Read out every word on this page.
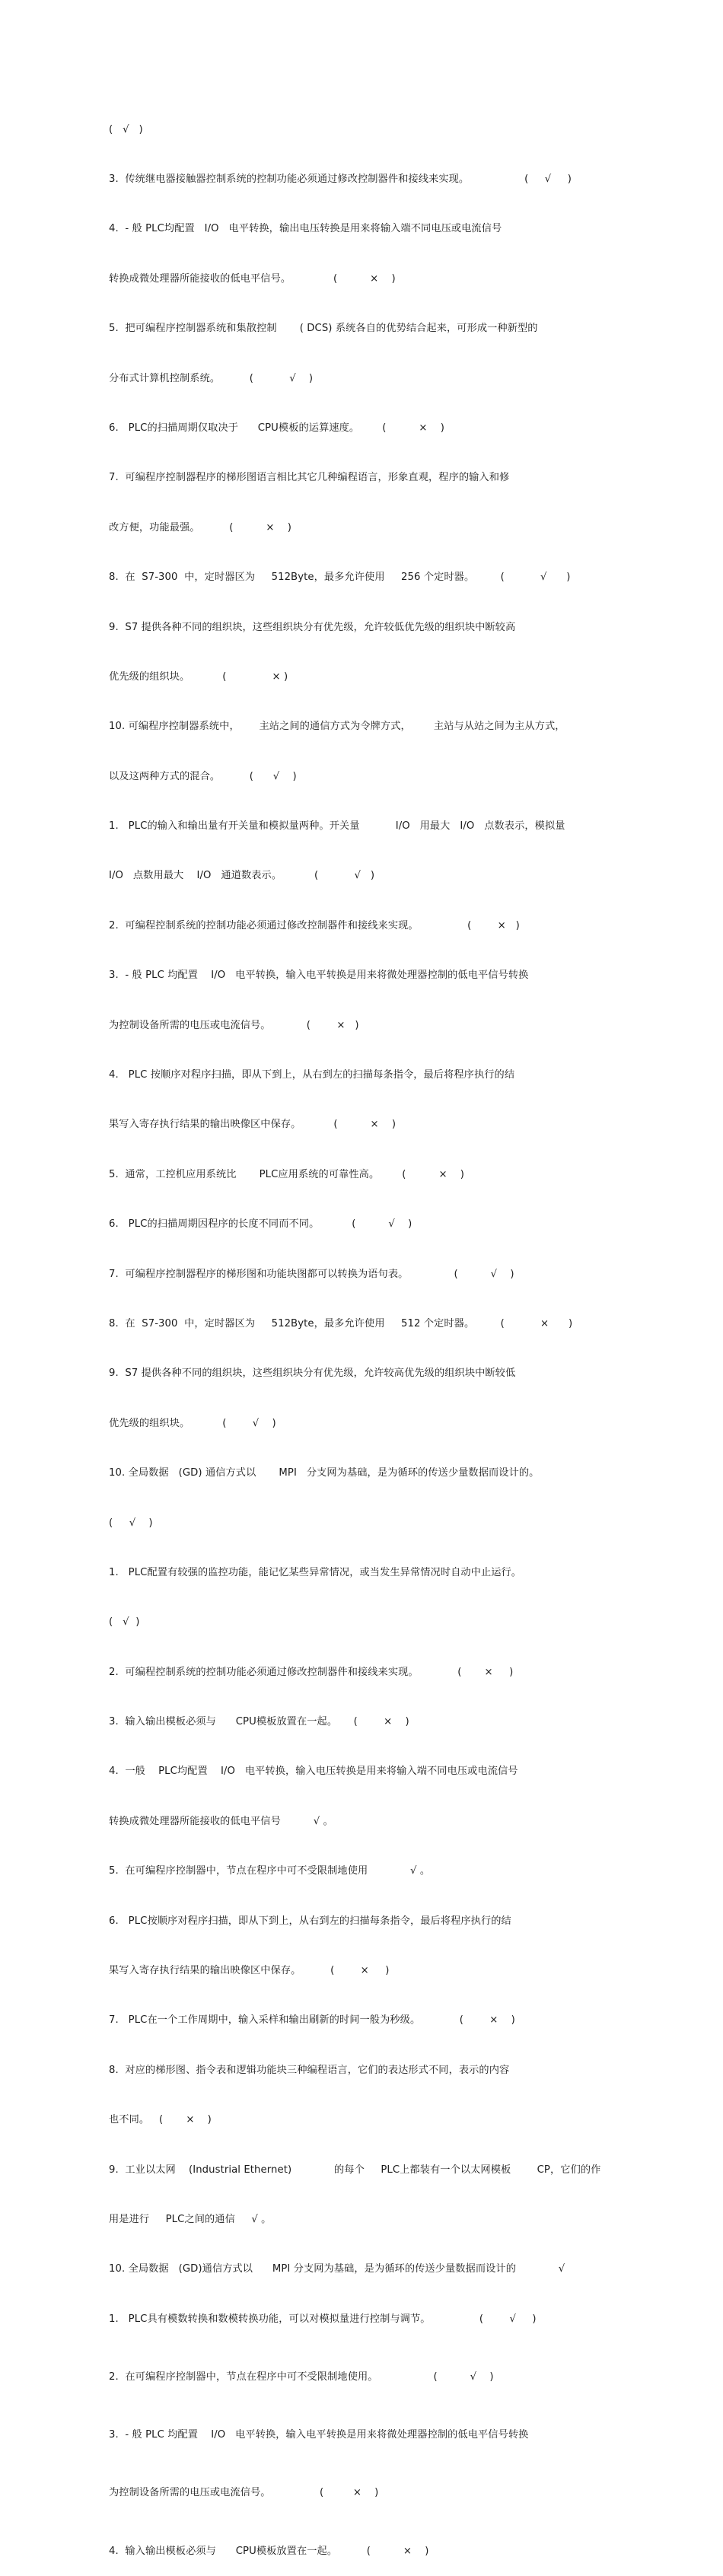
(   √   )

3.  传统继电器接触器控制系统的控制功能必须通过修改控制器件和接线来实现。                 (     √     )

4.  - 般 PLC均配置   I/O   电平转换，输出电压转换是用来将输入端不同电压或电流信号

转换成微处理器所能接收的低电平信号。             (          ×    )

5.  把可编程序控制器系统和集散控制       ( DCS) 系统各自的优势结合起来，可形成一种新型的

分布式计算机控制系统。         (           √    )

6.   PLC的扫描周期仅取决于      CPU模板的运算速度。       (          ×    )

7.  可编程序控制器程序的梯形图语言相比其它几种编程语言，形象直观，程序的输入和修

改方便，功能最强。         (          ×    )

8.  在  S7-300  中，定时器区为     512Byte，最多允许使用     256 个定时器。        (           √      )

9.  S7 提供各种不同的组织块，这些组织块分有优先级，允许较低优先级的组织块中断较高

优先级的组织块。          (              × )

10. 可编程序控制器系统中，      主站之间的通信方式为令牌方式，       主站与从站之间为主从方式，

以及这两种方式的混合。         (      √    )

1.   PLC的输入和输出量有开关量和模拟量两种。开关量           I/O   用最大   I/O   点数表示，模拟量

I/O   点数用最大    I/O   通道数表示。          (           √   )

2.  可编程控制系统的控制功能必须通过修改控制器件和接线来实现。               (        ×   )

3.  - 般 PLC 均配置    I/O   电平转换，输入电平转换是用来将微处理器控制的低电平信号转换

为控制设备所需的电压或电流信号。           (        ×   )

4.   PLC 按顺序对程序扫描，即从下到上，从右到左的扫描每条指令，最后将程序执行的结

果写入寄存执行结果的输出映像区中保存。          (          ×    )

5.  通常，工控机应用系统比       PLC应用系统的可靠性高。       (          ×    )

6.   PLC的扫描周期因程序的长度不同而不同。          (          √    )

7.  可编程序控制器程序的梯形图和功能块图都可以转换为语句表。              (          √    )

8.  在  S7-300  中，定时器区为     512Byte，最多允许使用     512 个定时器。        (           ×      )

9.  S7 提供各种不同的组织块，这些组织块分有优先级，允许较高优先级的组织块中断较低

优先级的组织块。          (        √    )

10. 全局数据   (GD) 通信方式以       MPI   分支网为基础，是为循环的传送少量数据而设计的。

(     √    )

1.   PLC配置有较强的监控功能，能记忆某些异常情况，或当发生异常情况时自动中止运行。

(   √  )

2.  可编程控制系统的控制功能必须通过修改控制器件和接线来实现。            (       ×     )

3.  输入输出模板必须与      CPU模板放置在一起。     (        ×    )

4.  一般    PLC均配置    I/O   电平转换，输入电压转换是用来将输入端不同电压或电流信号

转换成微处理器所能接收的低电平信号          √ 。

5.  在可编程序控制器中，节点在程序中可不受限制地使用             √ 。

6.   PLC按顺序对程序扫描，即从下到上，从右到左的扫描每条指令，最后将程序执行的结

果写入寄存执行结果的输出映像区中保存。         (        ×     )

7.   PLC在一个工作周期中，输入采样和输出刷新的时间一般为秒级。            (        ×    )

8.  对应的梯形图、指令表和逻辑功能块三种编程语言，它们的表达形式不同，表示的内容

也不同。   (       ×    )

9.  工业以太网    (Industrial Ethernet)             的每个     PLC上都装有一个以太网模板        CP，它们的作

用是进行     PLC之间的通信     √ 。

10. 全局数据   (GD)通信方式以      MPI 分支网为基础，是为循环的传送少量数据而设计的             √

1.   PLC具有模数转换和数模转换功能，可以对模拟量进行控制与调节。               (        √     )

2.  在可编程序控制器中，节点在程序中可不受限制地使用。                 (          √    )

3.  - 般 PLC 均配置    I/O   电平转换，输入电平转换是用来将微处理器控制的低电平信号转换

为控制设备所需的电压或电流信号。               (         ×    )

4.  输入输出模板必须与      CPU模板放置在一起。         (          ×    )
